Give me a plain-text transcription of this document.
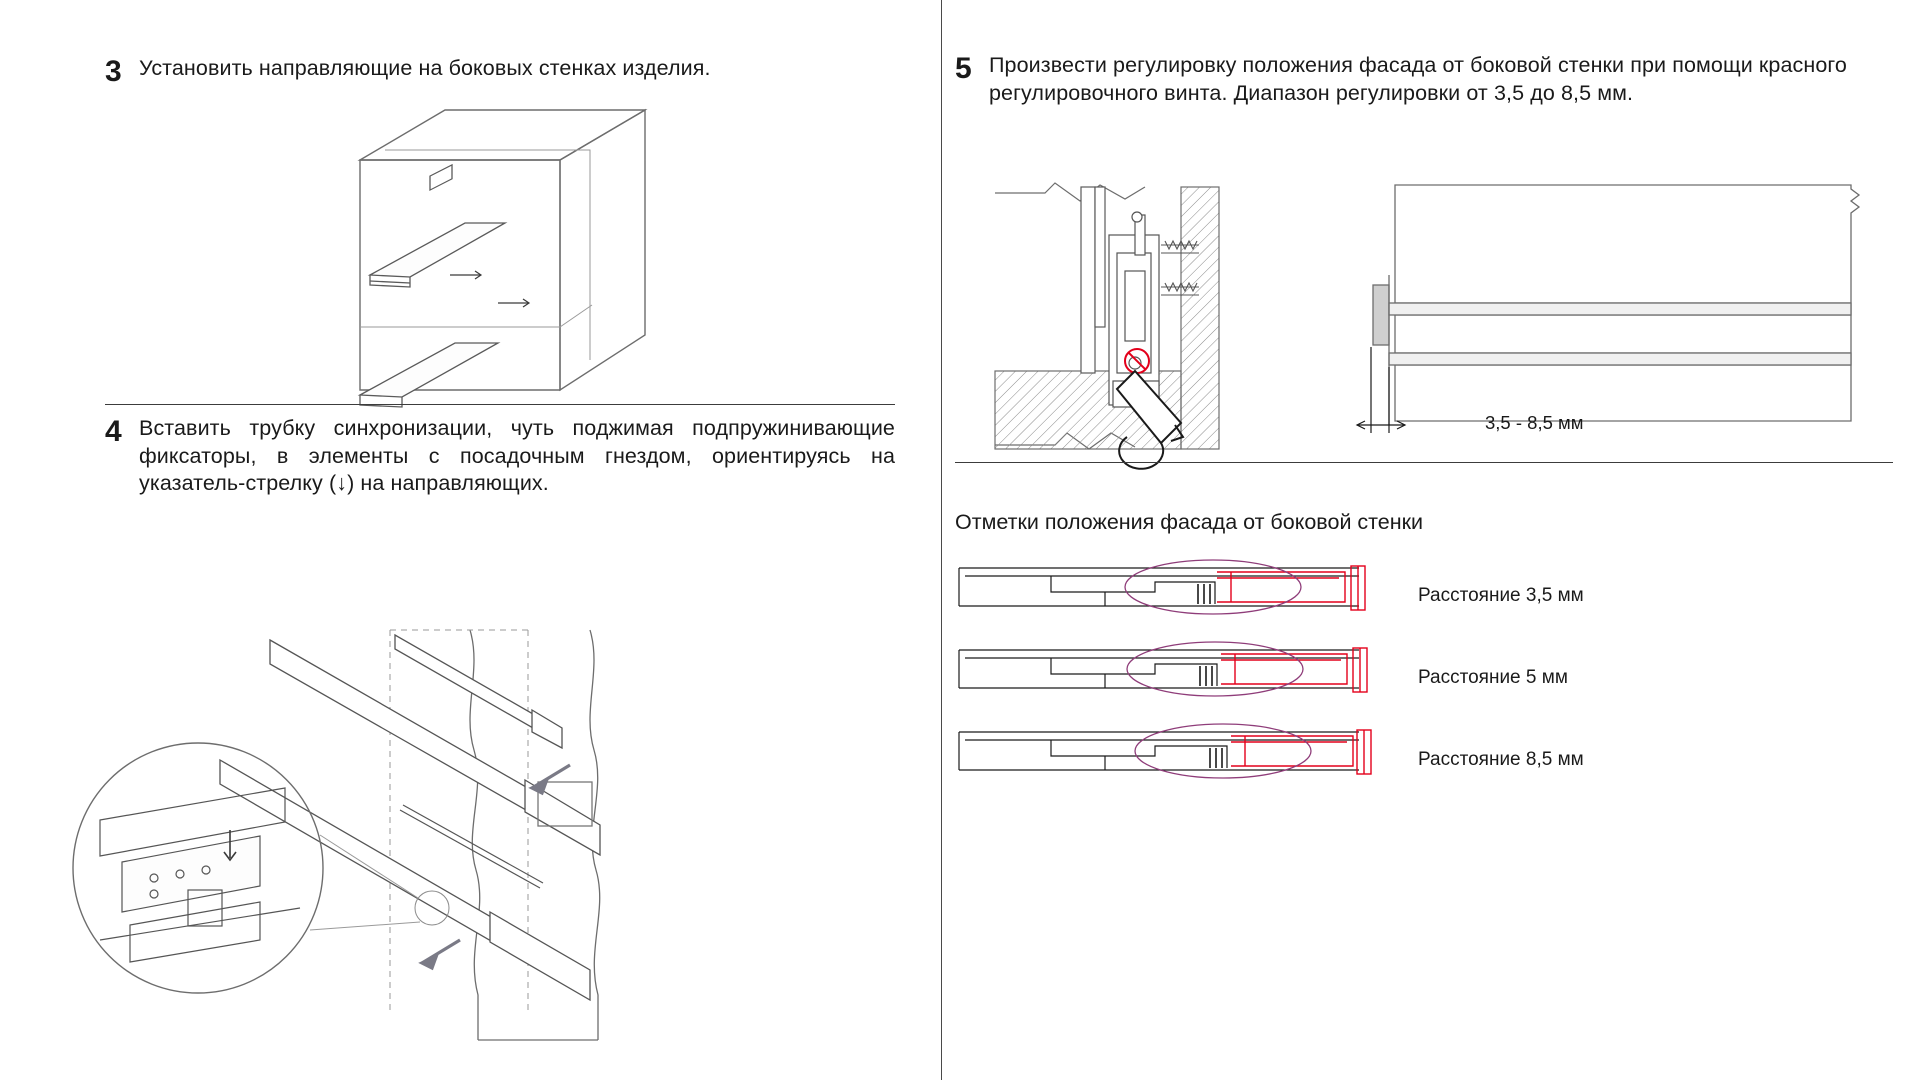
3 Установить направляющие на боковых стенках изделия.
4 Вставить трубку синхронизации, чуть поджимая подпружинивающие фиксаторы, в элементы с посадочным гнездом, ориентируясь на указатель-стрелку (↓) на направляющих.
5 Произвести регулировку положения фасада от боковой стенки при помощи красного регулировочного винта. Диапазон регулировки от 3,5 до 8,5 мм.
3,5 - 8,5 мм
Отметки положения фасада от боковой стенки
Расстояние 3,5 мм
Расстояние 5 мм
Расстояние 8,5 мм
